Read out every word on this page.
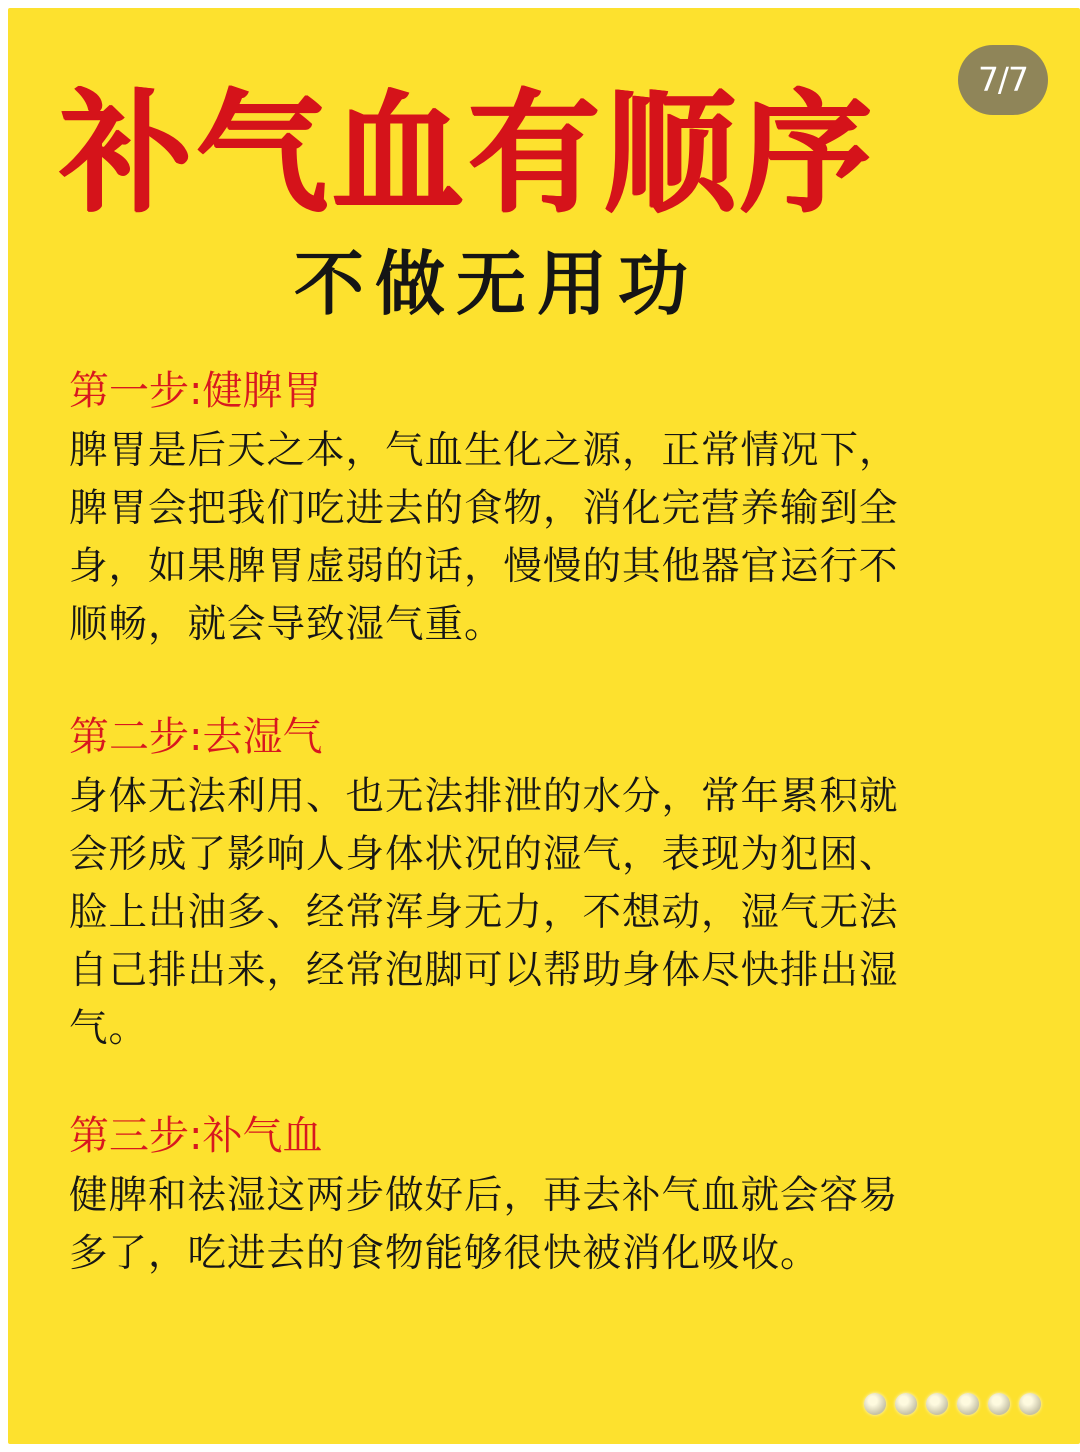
7/7
补气血有顺序
不做无用功
第一步:健脾胃

脾胃是后天之本，气血生化之源，正常情况下，脾胃会把我们吃进去的食物，消化完营养输到全身，如果脾胃虚弱的话，慢慢的其他器官运行不顺畅，就会导致湿气重。

第二步:去湿气

身体无法利用、也无法排泄的水分，常年累积就会形成了影响人身体状况的湿气，表现为犯困、脸上出油多、经常浑身无力，不想动，湿气无法自己排出来，经常泡脚可以帮助身体尽快排出湿气。

第三步:补气血

健脾和祛湿这两步做好后，再去补气血就会容易多了，吃进去的食物能够很快被消化吸收。
